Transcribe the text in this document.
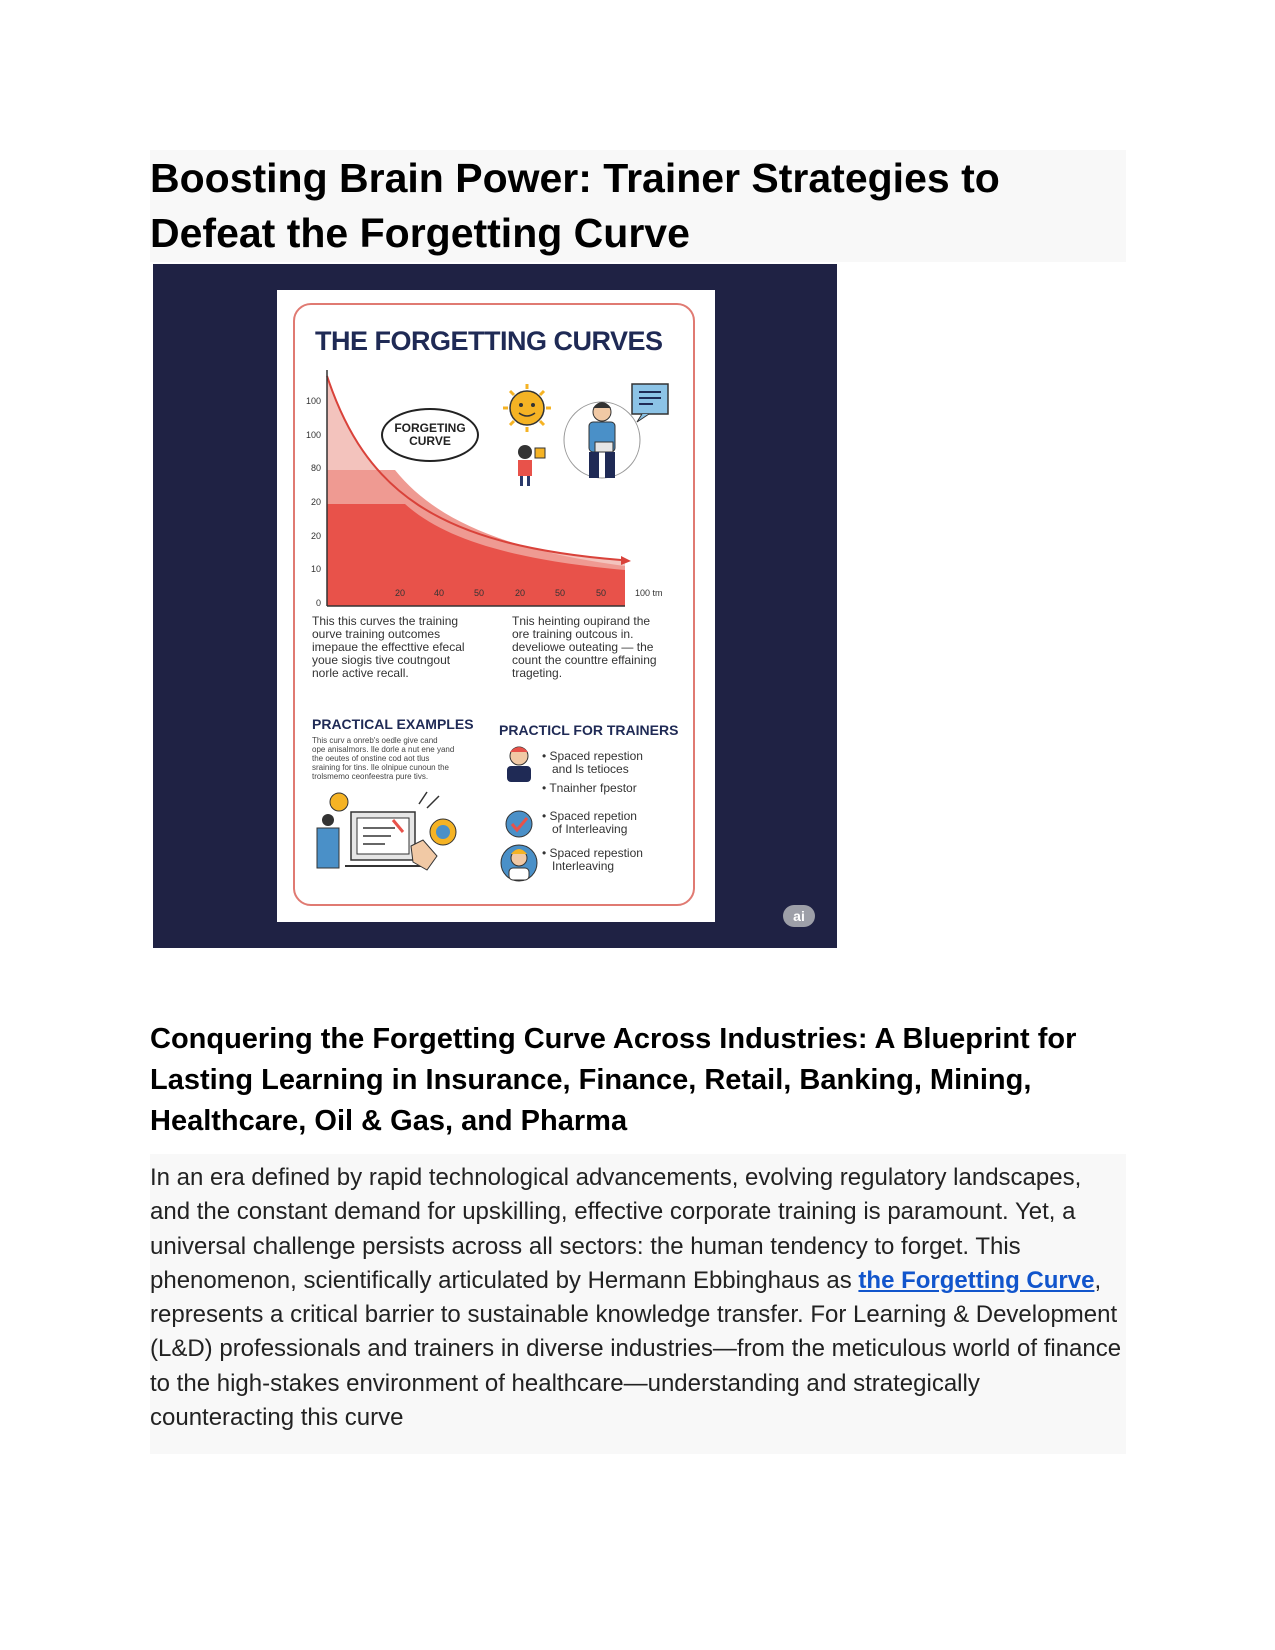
Boosting Brain Power: Trainer Strategies to Defeat the Forgetting Curve
THE FORGETTING CURVES
100
100
80
20
20
10
0
20	40	50	20	50	50	100 tm
FORGETING
CURVE
This this curves the training
ourve training outcomes
imepaue the effecttive efecal
youe siogis tive coutngout
norle active recall.
Tnis heinting oupirand the
ore training outcous in.
develiowe outeating — the
count the counttre effaining
trageting.
PRACTICAL EXAMPLES
This curv a onreb's oedle give cand
ope anisalmors. Ile dorle a nut ene yand
the oeutes of onstine cod aot tlus
sraining for tins. Ile olnipue cunoun the
trolsmemo ceonfeestra pure tivs.
PRACTICL FOR TRAINERS
• Spaced repestion
and ls tetioces
• Tnainher fpestor
• Spaced repetion
of Interleaving
• Spaced repestion
Interleaving
ai
Conquering the Forgetting Curve Across Industries: A Blueprint for Lasting Learning in Insurance, Finance, Retail, Banking, Mining, Healthcare, Oil & Gas, and Pharma

In an era defined by rapid technological advancements, evolving regulatory landscapes, and the constant demand for upskilling, effective corporate training is paramount. Yet, a universal challenge persists across all sectors: the human tendency to forget. This phenomenon, scientifically articulated by Hermann Ebbinghaus as the Forgetting Curve, represents a critical barrier to sustainable knowledge transfer. For Learning & Development (L&D) professionals and trainers in diverse industries—from the meticulous world of finance to the high-stakes environment of healthcare—understanding and strategically counteracting this curve
